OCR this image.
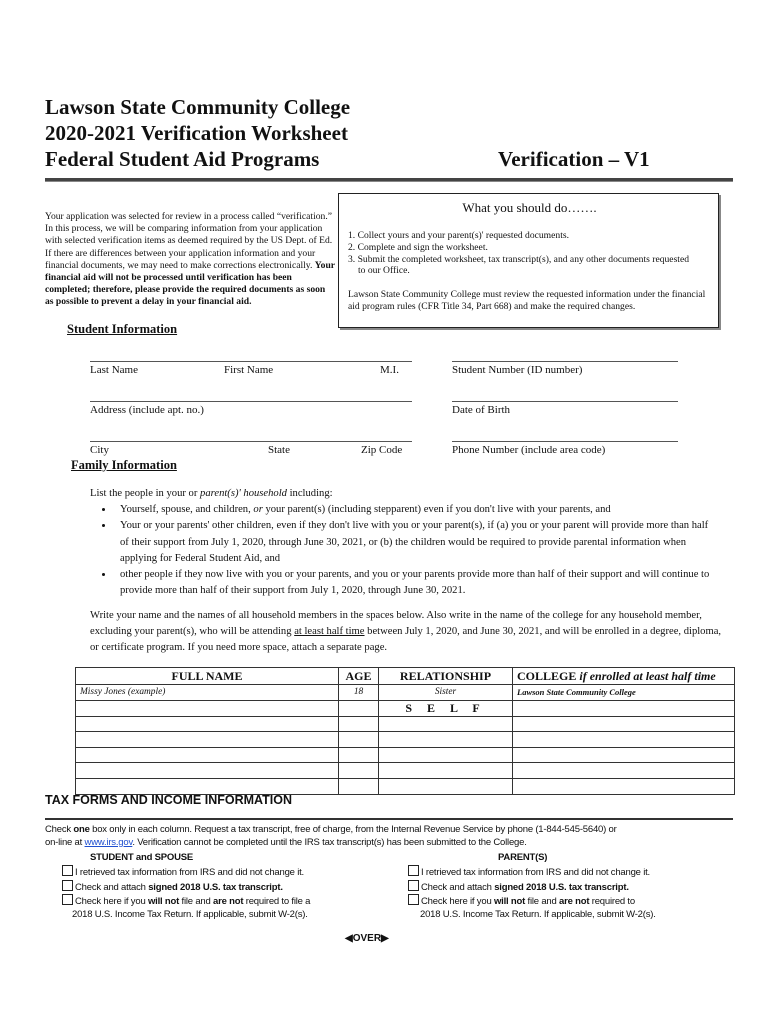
Lawson State Community College
2020-2021 Verification Worksheet
Federal Student Aid Programs	Verification – V1
Your application was selected for review in a process called “verification.” In this process, we will be comparing information from your application with selected verification items as deemed required by the US Dept. of Ed. If there are differences between your application information and your financial documents, we may need to make corrections electronically. Your financial aid will not be processed until verification has been completed; therefore, please provide the required documents as soon as possible to prevent a delay in your financial aid.
What you should do…….
1. Collect yours and your parent(s)' requested documents.
2. Complete and sign the worksheet.
3. Submit the completed worksheet, tax transcript(s), and any other documents requested
to our Office.
Lawson State Community College must review the requested information under the financial aid program rules (CFR Title 34, Part 668) and make the required changes.
Student Information
Last Name	First Name	M.I.	Student Number (ID number)
Address (include apt. no.)	Date of Birth
City	State	Zip Code	Phone Number (include area code)
Family Information
List the people in your or parent(s)' household including:
• Yourself, spouse, and children, or your parent(s) (including stepparent) even if you don't live with your parents, and
• Your or your parents' other children, even if they don't live with you or your parent(s), if (a) you or your parent will provide more than half of their support from July 1, 2020, through June 30, 2021, or (b) the children would be required to provide parental information when applying for Federal Student Aid, and
• other people if they now live with you or your parents, and you or your parents provide more than half of their support and will continue to provide more than half of their support from July 1, 2020, through June 30, 2021.
Write your name and the names of all household members in the spaces below. Also write in the name of the college for any household member, excluding your parent(s), who will be attending at least half time between July 1, 2020, and June 30, 2021, and will be enrolled in a degree, diploma, or certificate program. If you need more space, attach a separate page.
FULL NAME	AGE	RELATIONSHIP	COLLEGE if enrolled at least half time
Missy Jones (example)	18	Sister	Lawson State Community College
		S E L F	

TAX FORMS AND INCOME INFORMATION
Check one box only in each column. Request a tax transcript, free of charge, from the Internal Revenue Service by phone (1-844-545-5640) or
on-line at www.irs.gov. Verification cannot be completed until the IRS tax transcript(s) has been submitted to the College.
STUDENT and SPOUSE
I retrieved tax information from IRS and did not change it.
Check and attach signed 2018 U.S. tax transcript.
Check here if you will not file and are not required to file a
2018 U.S. Income Tax Return. If applicable, submit W-2(s).
PARENT(S)
I retrieved tax information from IRS and did not change it.
Check and attach signed 2018 U.S. tax transcript.
Check here if you will not file and are not required to
2018 U.S. Income Tax Return. If applicable, submit W-2(s).
◀OVER▶
